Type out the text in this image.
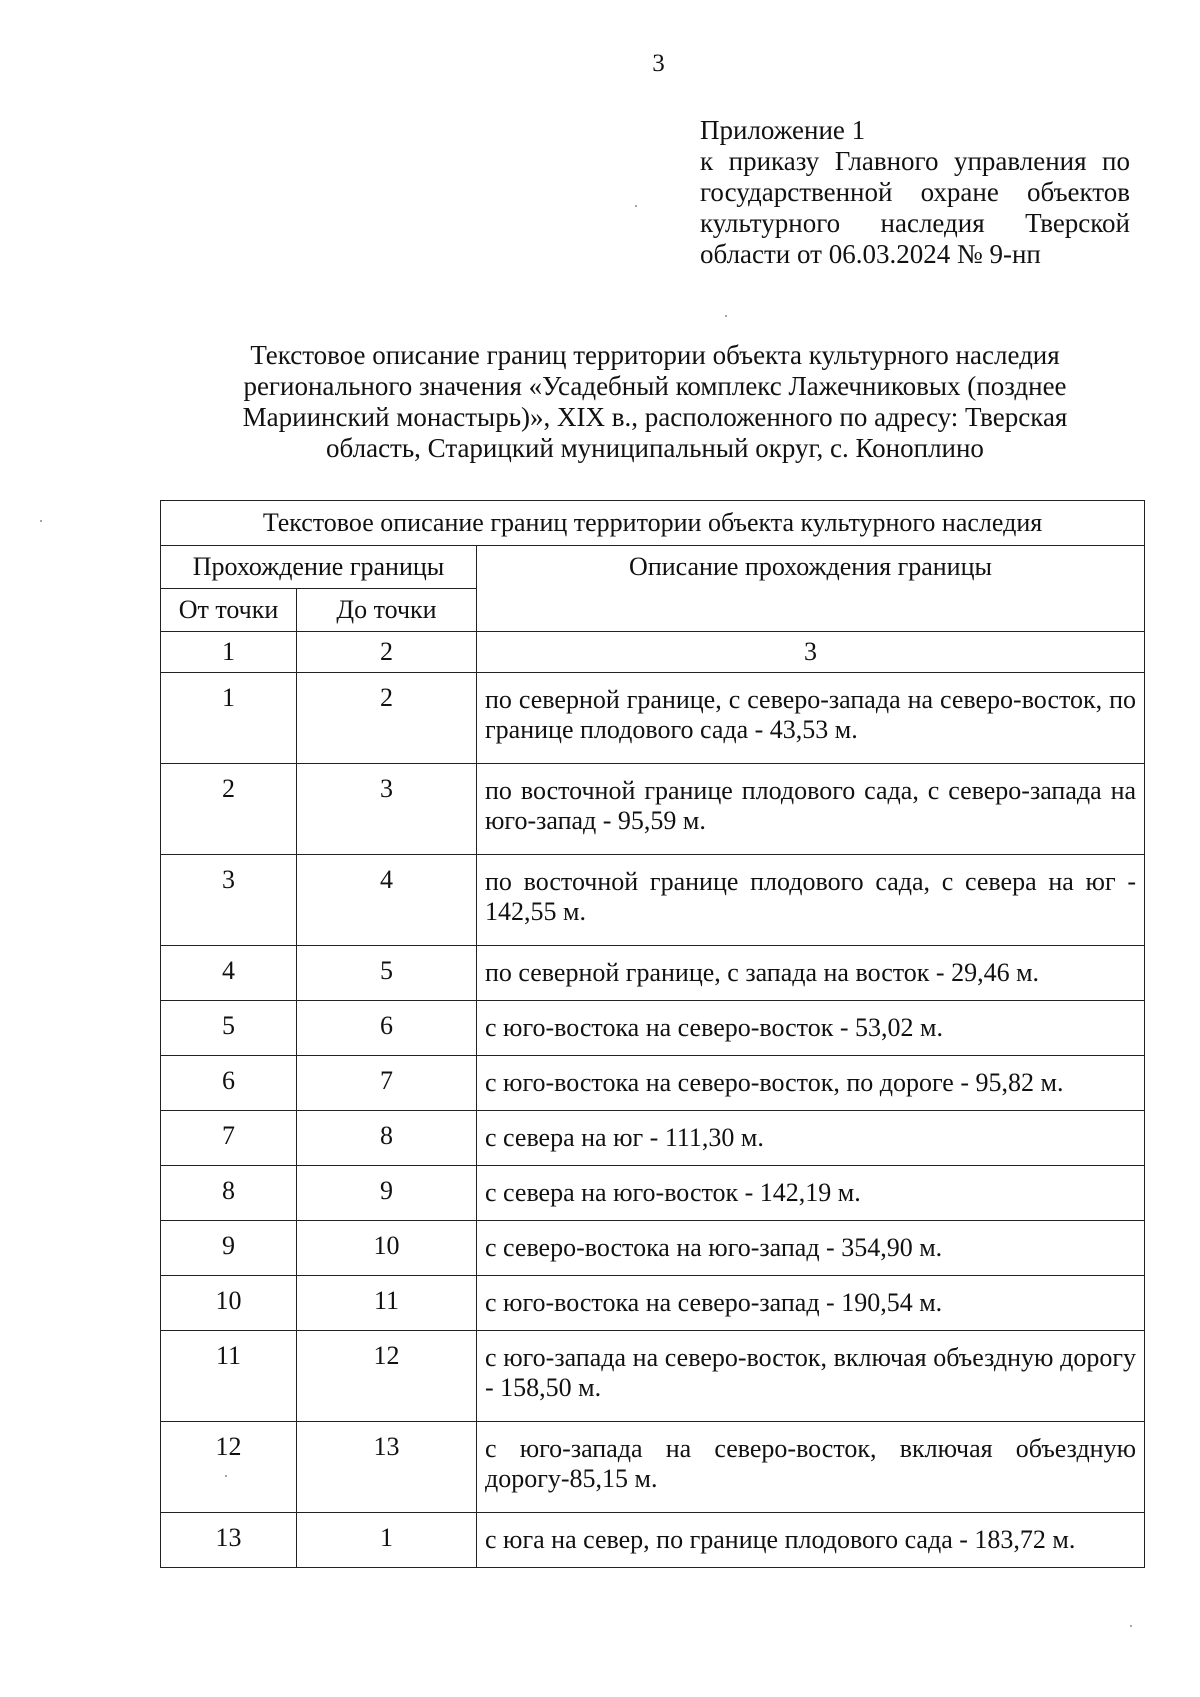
3
Приложение 1
к приказу Главного управления по
государственной охране объектов
культурного наследия Тверской
области от 06.03.2024 № 9-нп
Текстовое описание границ территории объекта культурного наследия регионального значения «Усадебный комплекс Лажечниковых (позднее Мариинский монастырь)», XIX в., расположенного по адресу: Тверская область, Старицкий муниципальный округ, с. Коноплино
Текстовое описание границ территории объекта культурного наследия		
Прохождение границы		Описание прохождения границы
От точки	До точки	
1	2	3
1	2	по северной границе, с северо-запада на северо-восток, по границе плодового сада - 43,53 м.
2	3	по восточной границе плодового сада, с северо-запада на юго-запад - 95,59 м.
3	4	по восточной границе плодового сада, с севера на юг - 142,55 м.
4	5	по северной границе, с запада на восток - 29,46 м.
5	6	с юго-востока на северо-восток - 53,02 м.
6	7	с юго-востока на северо-восток, по дороге - 95,82 м.
7	8	с севера на юг - 111,30 м.
8	9	с севера на юго-восток - 142,19 м.
9	10	с северо-востока на юго-запад - 354,90 м.
10	11	с юго-востока на северо-запад - 190,54 м.
11	12	с юго-запада на северо-восток, включая объездную дорогу - 158,50 м.
12	13	с юго-запада на северо-восток, включая объездную дорогу-85,15 м.
13	1	с юга на север, по границе плодового сада - 183,72 м.
